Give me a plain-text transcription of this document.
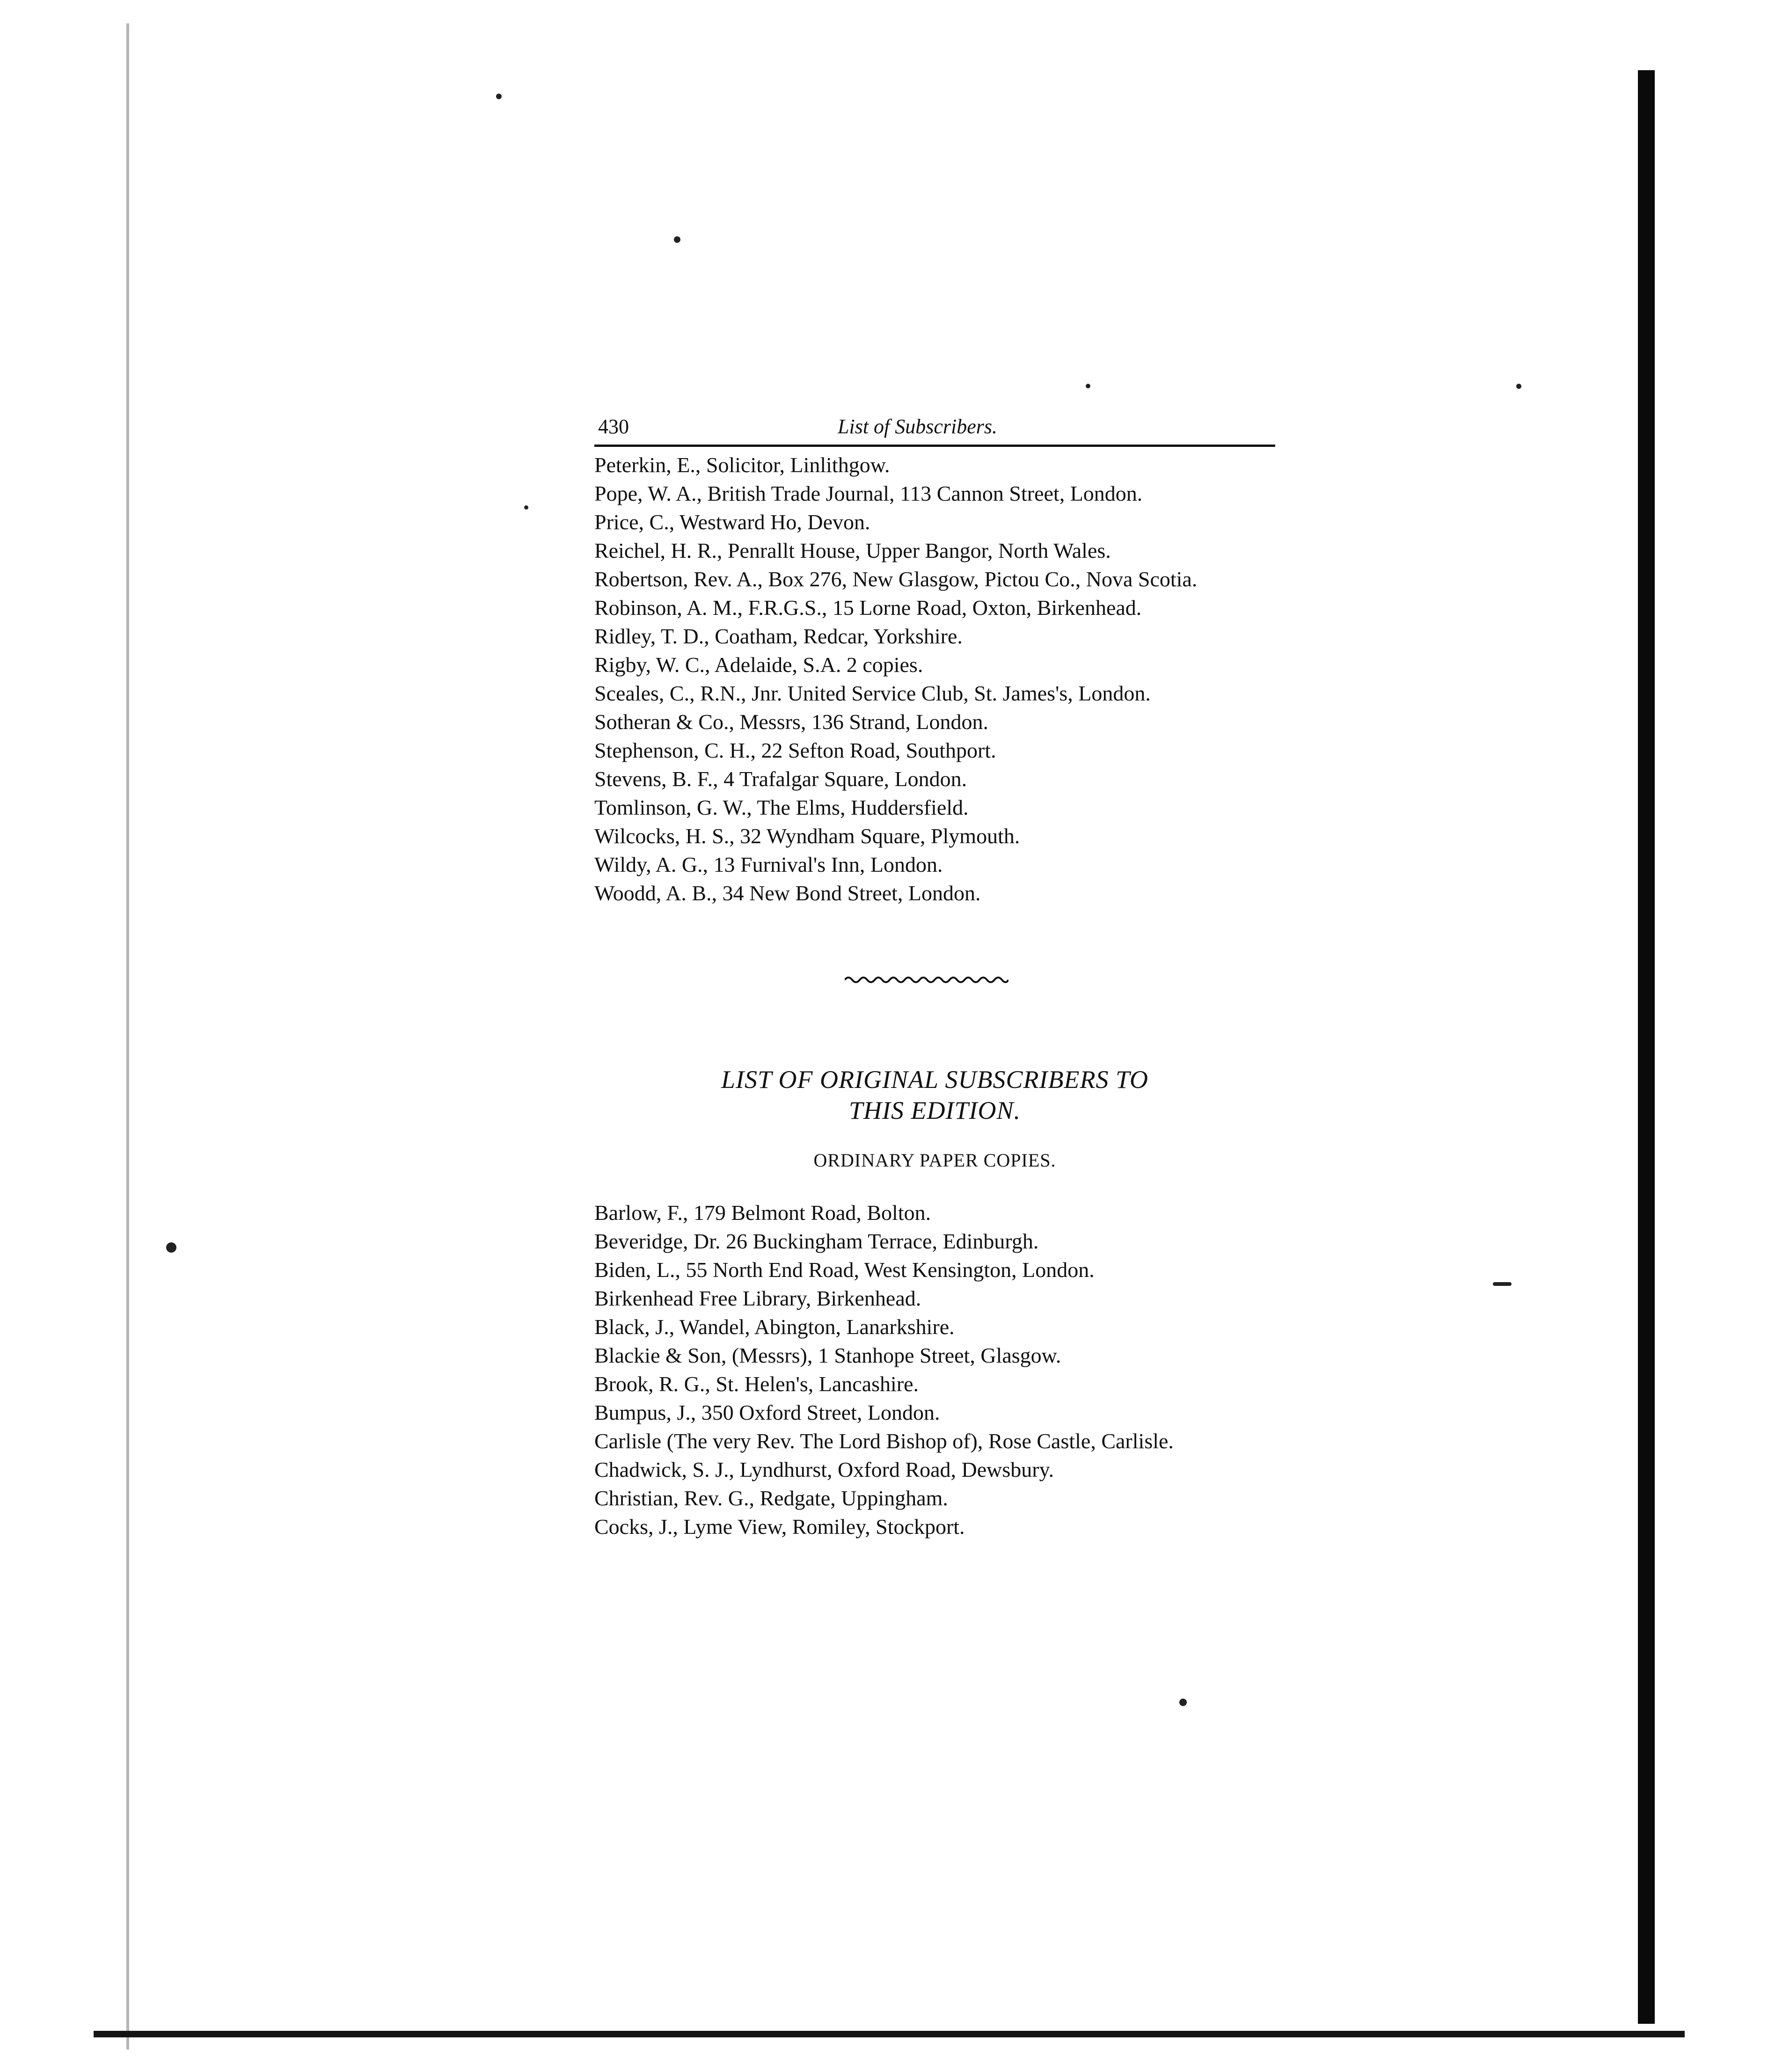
430	List of Subscribers.
Peterkin, E., Solicitor, Linlithgow.
Pope, W. A., British Trade Journal, 113 Cannon Street, London.
Price, C., Westward Ho, Devon.
Reichel, H. R., Penrallt House, Upper Bangor, North Wales.
Robertson, Rev. A., Box 276, New Glasgow, Pictou Co., Nova Scotia.
Robinson, A. M., F.R.G.S., 15 Lorne Road, Oxton, Birkenhead.
Ridley, T. D., Coatham, Redcar, Yorkshire.
Rigby, W. C., Adelaide, S.A. 2 copies.
Sceales, C., R.N., Jnr. United Service Club, St. James's, London.
Sotheran & Co., Messrs, 136 Strand, London.
Stephenson, C. H., 22 Sefton Road, Southport.
Stevens, B. F., 4 Trafalgar Square, London.
Tomlinson, G. W., The Elms, Huddersfield.
Wilcocks, H. S., 32 Wyndham Square, Plymouth.
Wildy, A. G., 13 Furnival's Inn, London.
Woodd, A. B., 34 New Bond Street, London.
LIST OF ORIGINAL SUBSCRIBERS TO
THIS EDITION.
ORDINARY PAPER COPIES.
Barlow, F., 179 Belmont Road, Bolton.
Beveridge, Dr. 26 Buckingham Terrace, Edinburgh.
Biden, L., 55 North End Road, West Kensington, London.
Birkenhead Free Library, Birkenhead.
Black, J., Wandel, Abington, Lanarkshire.
Blackie & Son, (Messrs), 1 Stanhope Street, Glasgow.
Brook, R. G., St. Helen's, Lancashire.
Bumpus, J., 350 Oxford Street, London.
Carlisle (The very Rev. The Lord Bishop of), Rose Castle, Carlisle.
Chadwick, S. J., Lyndhurst, Oxford Road, Dewsbury.
Christian, Rev. G., Redgate, Uppingham.
Cocks, J., Lyme View, Romiley, Stockport.
